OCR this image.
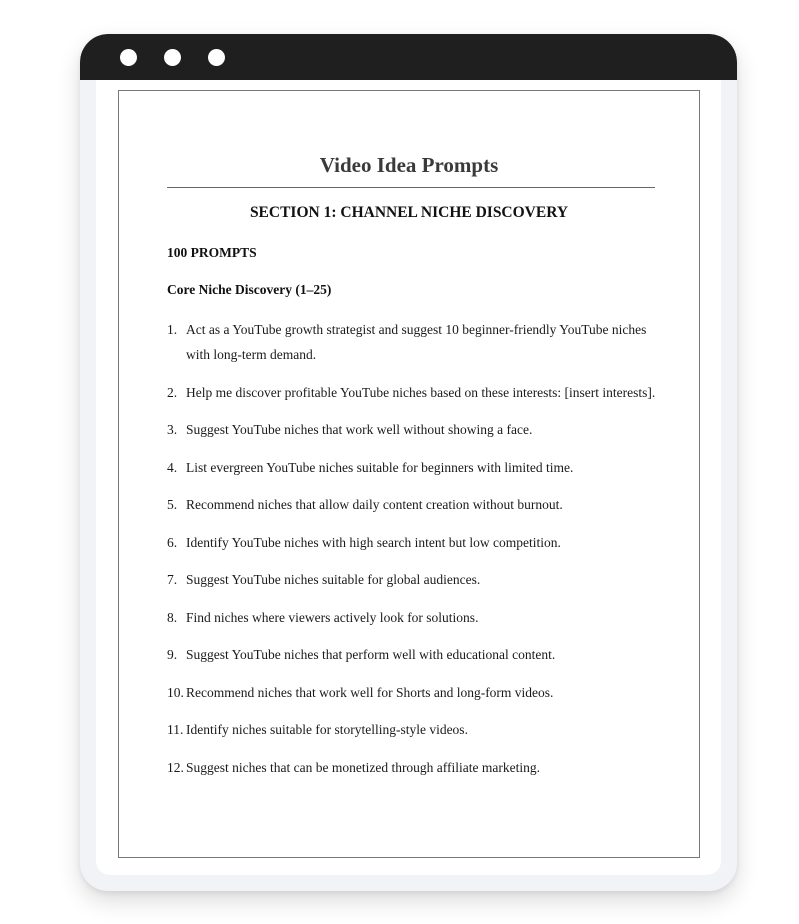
Video Idea Prompts
SECTION 1: CHANNEL NICHE DISCOVERY
100 PROMPTS
Core Niche Discovery (1–25)
1. Act as a YouTube growth strategist and suggest 10 beginner-friendly YouTube niches with long-term demand.
2. Help me discover profitable YouTube niches based on these interests: [insert interests].
3. Suggest YouTube niches that work well without showing a face.
4. List evergreen YouTube niches suitable for beginners with limited time.
5. Recommend niches that allow daily content creation without burnout.
6. Identify YouTube niches with high search intent but low competition.
7. Suggest YouTube niches suitable for global audiences.
8. Find niches where viewers actively look for solutions.
9. Suggest YouTube niches that perform well with educational content.
10. Recommend niches that work well for Shorts and long-form videos.
11. Identify niches suitable for storytelling-style videos.
12. Suggest niches that can be monetized through affiliate marketing.
